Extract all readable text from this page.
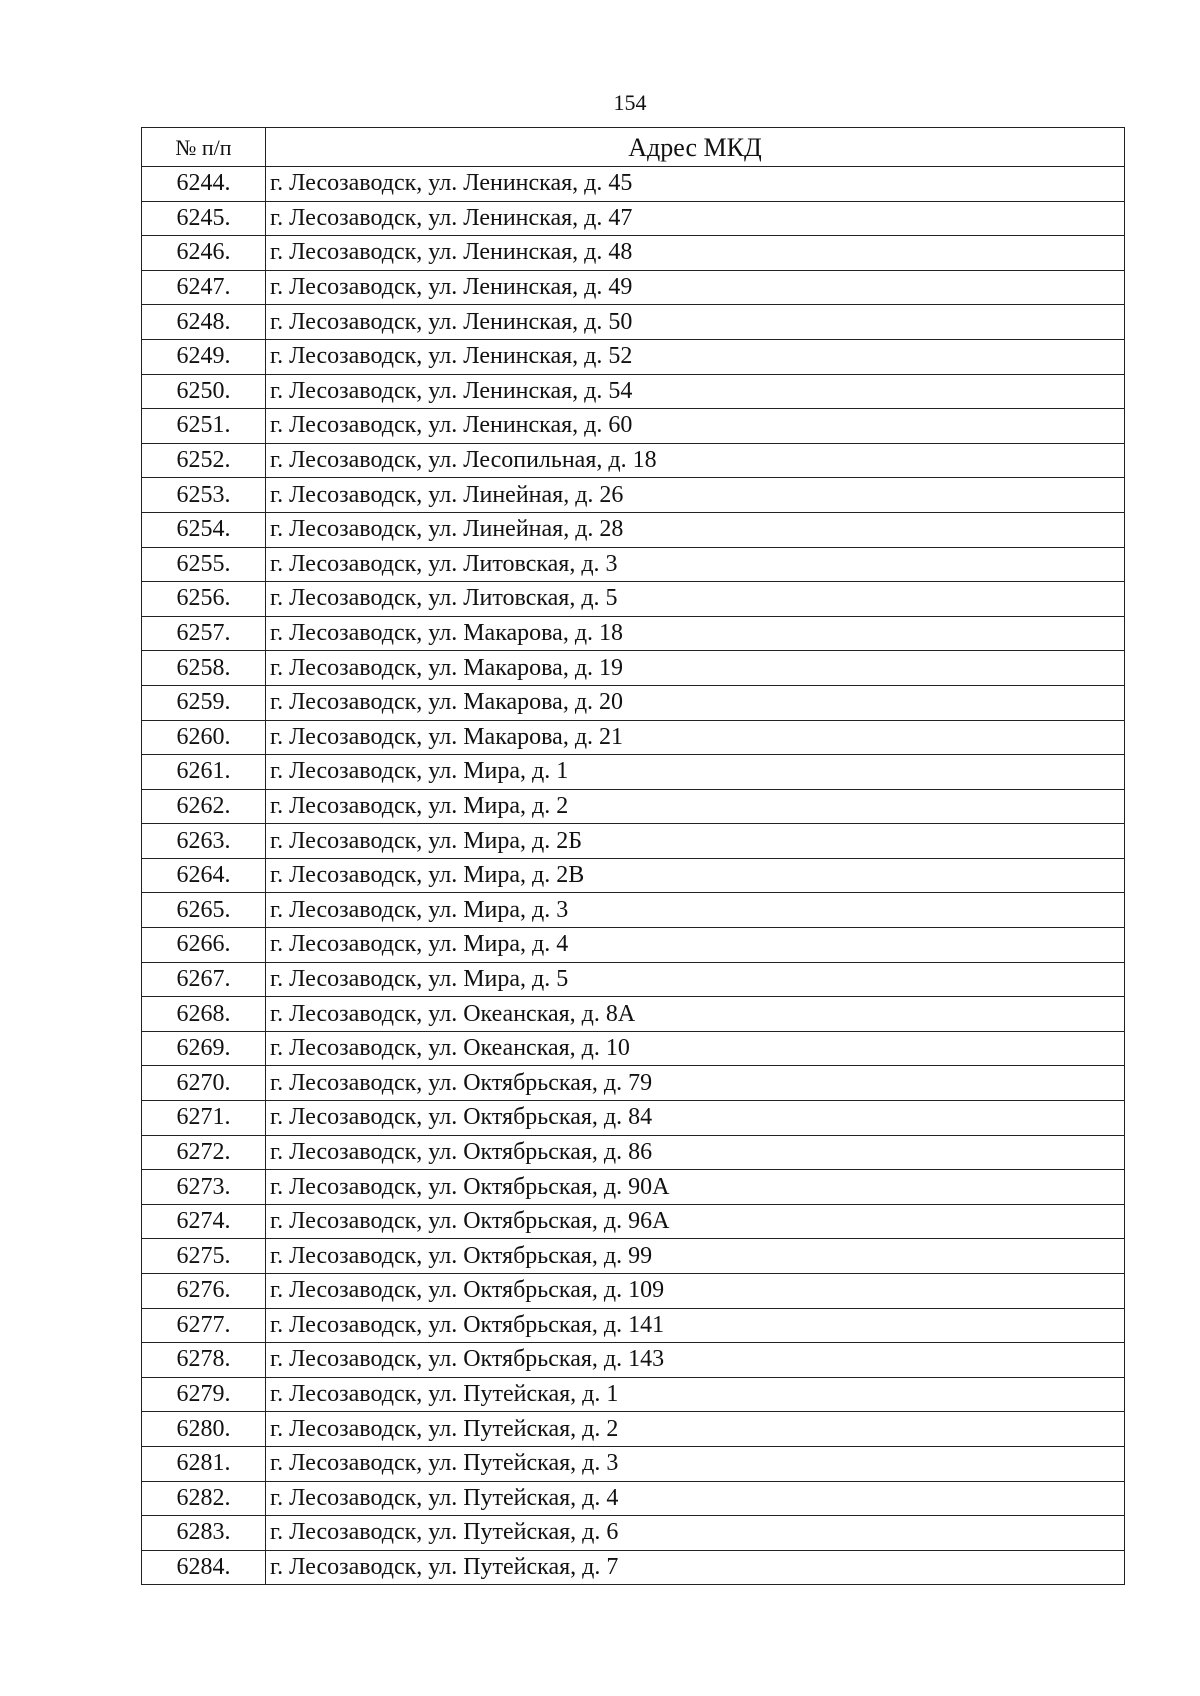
154
№ п/п	Адрес МКД
6244.	г. Лесозаводск, ул. Ленинская, д. 45
6245.	г. Лесозаводск, ул. Ленинская, д. 47
6246.	г. Лесозаводск, ул. Ленинская, д. 48
6247.	г. Лесозаводск, ул. Ленинская, д. 49
6248.	г. Лесозаводск, ул. Ленинская, д. 50
6249.	г. Лесозаводск, ул. Ленинская, д. 52
6250.	г. Лесозаводск, ул. Ленинская, д. 54
6251.	г. Лесозаводск, ул. Ленинская, д. 60
6252.	г. Лесозаводск, ул. Лесопильная, д. 18
6253.	г. Лесозаводск, ул. Линейная, д. 26
6254.	г. Лесозаводск, ул. Линейная, д. 28
6255.	г. Лесозаводск, ул. Литовская, д. 3
6256.	г. Лесозаводск, ул. Литовская, д. 5
6257.	г. Лесозаводск, ул. Макарова, д. 18
6258.	г. Лесозаводск, ул. Макарова, д. 19
6259.	г. Лесозаводск, ул. Макарова, д. 20
6260.	г. Лесозаводск, ул. Макарова, д. 21
6261.	г. Лесозаводск, ул. Мира, д. 1
6262.	г. Лесозаводск, ул. Мира, д. 2
6263.	г. Лесозаводск, ул. Мира, д. 2Б
6264.	г. Лесозаводск, ул. Мира, д. 2В
6265.	г. Лесозаводск, ул. Мира, д. 3
6266.	г. Лесозаводск, ул. Мира, д. 4
6267.	г. Лесозаводск, ул. Мира, д. 5
6268.	г. Лесозаводск, ул. Океанская, д. 8А
6269.	г. Лесозаводск, ул. Океанская, д. 10
6270.	г. Лесозаводск, ул. Октябрьская, д. 79
6271.	г. Лесозаводск, ул. Октябрьская, д. 84
6272.	г. Лесозаводск, ул. Октябрьская, д. 86
6273.	г. Лесозаводск, ул. Октябрьская, д. 90А
6274.	г. Лесозаводск, ул. Октябрьская, д. 96А
6275.	г. Лесозаводск, ул. Октябрьская, д. 99
6276.	г. Лесозаводск, ул. Октябрьская, д. 109
6277.	г. Лесозаводск, ул. Октябрьская, д. 141
6278.	г. Лесозаводск, ул. Октябрьская, д. 143
6279.	г. Лесозаводск, ул. Путейская, д. 1
6280.	г. Лесозаводск, ул. Путейская, д. 2
6281.	г. Лесозаводск, ул. Путейская, д. 3
6282.	г. Лесозаводск, ул. Путейская, д. 4
6283.	г. Лесозаводск, ул. Путейская, д. 6
6284.	г. Лесозаводск, ул. Путейская, д. 7
